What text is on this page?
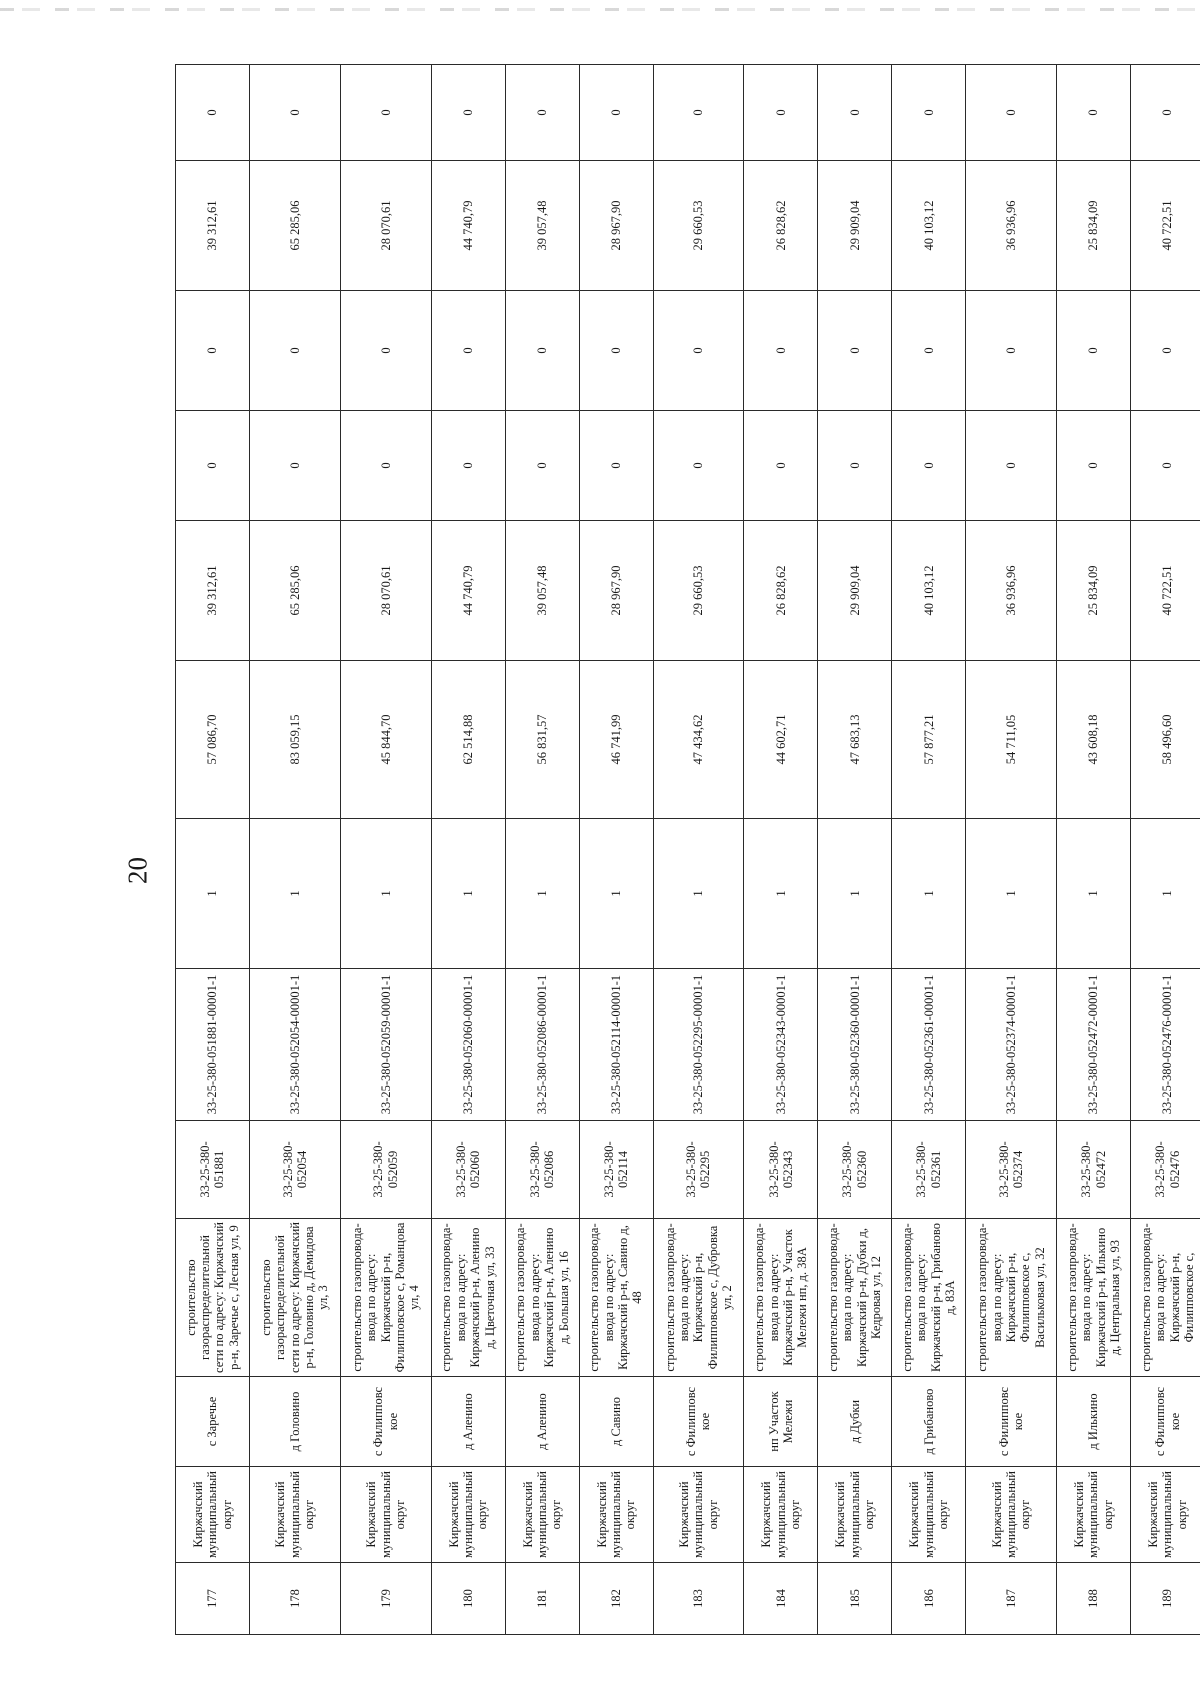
20
177	Киржачский муниципальный округ	с Заречье	строительство газораспределительной сети по адресу: Киржачский р-н, Заречье с, Лесная ул, 9	33-25-380-051881	33-25-380-051881-00001-1	1	57 086,70	39 312,61	0	0	39 312,61	0
178	Киржачский муниципальный округ	д Головино	строительство газораспределительной сети по адресу: Киржачский р-н, Головино д, Демидова ул, 3	33-25-380-052054	33-25-380-052054-00001-1	1	83 059,15	65 285,06	0	0	65 285,06	0
179	Киржачский муниципальный округ	с Филипповс кое	строительство газопровода-ввода по адресу: Киржачский р-н, Филипповское с, Романцова ул, 4	33-25-380-052059	33-25-380-052059-00001-1	1	45 844,70	28 070,61	0	0	28 070,61	0
180	Киржачский муниципальный округ	д Аленино	строительство газопровода-ввода по адресу: Киржачский р-н, Аленино д, Цветочная ул, 33	33-25-380-052060	33-25-380-052060-00001-1	1	62 514,88	44 740,79	0	0	44 740,79	0
181	Киржачский муниципальный округ	д Аленино	строительство газопровода-ввода по адресу: Киржачский р-н, Аленино д, Большая ул, 16	33-25-380-052086	33-25-380-052086-00001-1	1	56 831,57	39 057,48	0	0	39 057,48	0
182	Киржачский муниципальный округ	д Савино	строительство газопровода-ввода по адресу: Киржачский р-н, Савино д, 48	33-25-380-052114	33-25-380-052114-00001-1	1	46 741,99	28 967,90	0	0	28 967,90	0
183	Киржачский муниципальный округ	с Филипповс кое	строительство газопровода-ввода по адресу: Киржачский р-н, Филипповское с, Дубровка ул, 2	33-25-380-052295	33-25-380-052295-00001-1	1	47 434,62	29 660,53	0	0	29 660,53	0
184	Киржачский муниципальный округ	нп Участок Мележи	строительство газопровода-ввода по адресу: Киржачский р-н, Участок Мележи нп, д. 38А	33-25-380-052343	33-25-380-052343-00001-1	1	44 602,71	26 828,62	0	0	26 828,62	0
185	Киржачский муниципальный округ	д Дубки	строительство газопровода-ввода по адресу: Киржачский р-н, Дубки д, Кедровая ул, 12	33-25-380-052360	33-25-380-052360-00001-1	1	47 683,13	29 909,04	0	0	29 909,04	0
186	Киржачский муниципальный округ	д Грибаново	строительство газопровода-ввода по адресу: Киржачский р-н, Грибаново д, 83А	33-25-380-052361	33-25-380-052361-00001-1	1	57 877,21	40 103,12	0	0	40 103,12	0
187	Киржачский муниципальный округ	с Филипповс кое	строительство газопровода-ввода по адресу: Киржачский р-н, Филипповское с, Васильковая ул, 32	33-25-380-052374	33-25-380-052374-00001-1	1	54 711,05	36 936,96	0	0	36 936,96	0
188	Киржачский муниципальный округ	д Илькино	строительство газопровода-ввода по адресу: Киржачский р-н, Илькино д, Центральная ул, 93	33-25-380-052472	33-25-380-052472-00001-1	1	43 608,18	25 834,09	0	0	25 834,09	0
189	Киржачский муниципальный округ	с Филипповс кое	строительство газопровода-ввода по адресу: Киржачский р-н, Филипповское с,	33-25-380-052476	33-25-380-052476-00001-1	1	58 496,60	40 722,51	0	0	40 722,51	0
